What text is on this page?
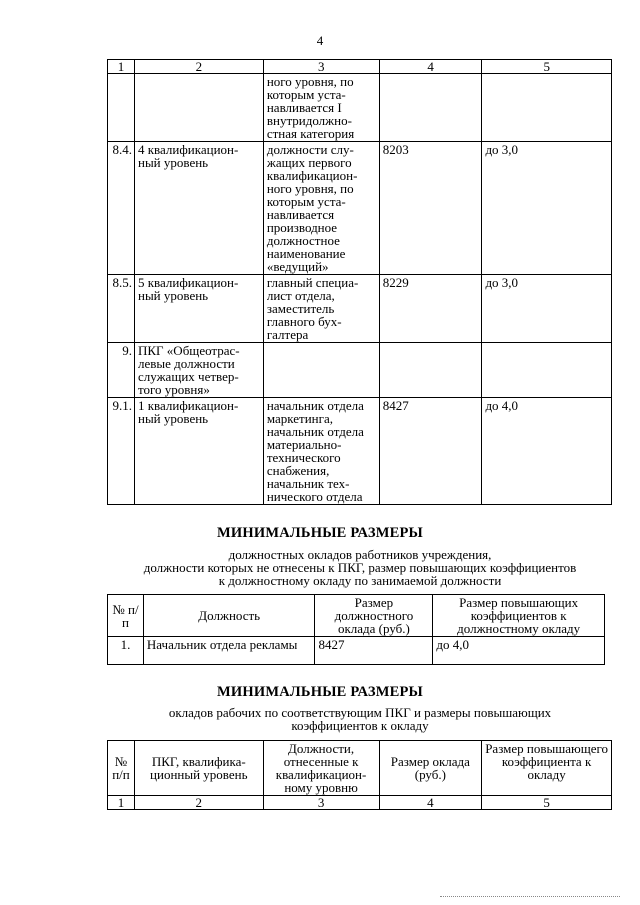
4
1	2	3	4	5
		ного уровня, по которым уста-навливается I внутридолжно-стная категория		
8.4.	4 квалификацион-ный уровень	должности слу-жащих первого квалификацион-ного уровня, по которым уста-навливается производное должностное наименование «ведущий»	8203	до 3,0
8.5.	5 квалификацион-ный уровень	главный специа-лист отдела, заместитель главного бух-галтера	8229	до 3,0
9.	ПКГ «Общеотрас-левые должности служащих четвер-того уровня»			
9.1.	1 квалификацион-ный уровень	начальник отдела маркетинга, начальник отдела материально-технического снабжения, начальник тех-нического отдела	8427	до 4,0
МИНИМАЛЬНЫЕ РАЗМЕРЫ
должностных окладов работников учреждения,
должности которых не отнесены к ПКГ, размер повышающих коэффициентов
к должностному окладу по занимаемой должности
№ п/п	Должность	Размер должностного оклада (руб.)	Размер повышающих коэффициентов к должностному окладу
1.	Начальник отдела рекламы	8427	до 4,0
МИНИМАЛЬНЫЕ РАЗМЕРЫ
окладов рабочих по соответствующим ПКГ и размеры повышающих
коэффициентов к окладу
№ п/п	ПКГ, квалифика-ционный уровень	Должности, отнесенные к квалификацион-ному уровню	Размер оклада (руб.)	Размер повышающего коэффициента к окладу
1	2	3	4	5
